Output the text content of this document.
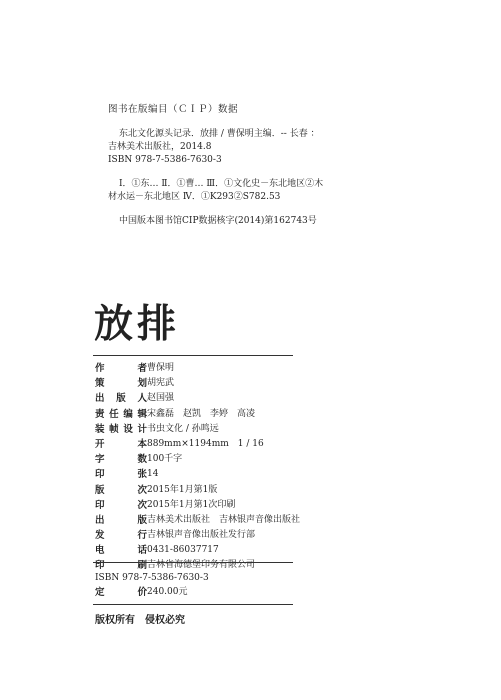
图书在版编目（ＣＩＰ）数据
东北文化源头记录．放排 / 曹保明主编．-- 长春 ：
吉林美术出版社，2014.8
ISBN 978-7-5386-7630-3
Ⅰ．①东… Ⅱ．①曹… Ⅲ．①文化史－东北地区②木
材水运－东北地区 Ⅳ．①K293②S782.53
中国版本图书馆CIP数据核字(2014)第162743号
放排
作者 曹保明
策划 胡宪武
出版人 赵国强
责任编辑 宋鑫磊　赵凯　李婷　高凌
装帧设计 书虫文化 / 孙鸣远
开本 889mm×1194mm　1 / 16
字数 100千字
印张 14
版次 2015年1月第1版
印次 2015年1月第1次印刷
出版 吉林美术出版社　吉林银声音像出版社
发行 吉林银声音像出版社发行部
电话 0431-86037717
印刷 吉林省海德堡印务有限公司
ISBN 978-7-5386-7630-3
定价 240.00元
版权所有　侵权必究
